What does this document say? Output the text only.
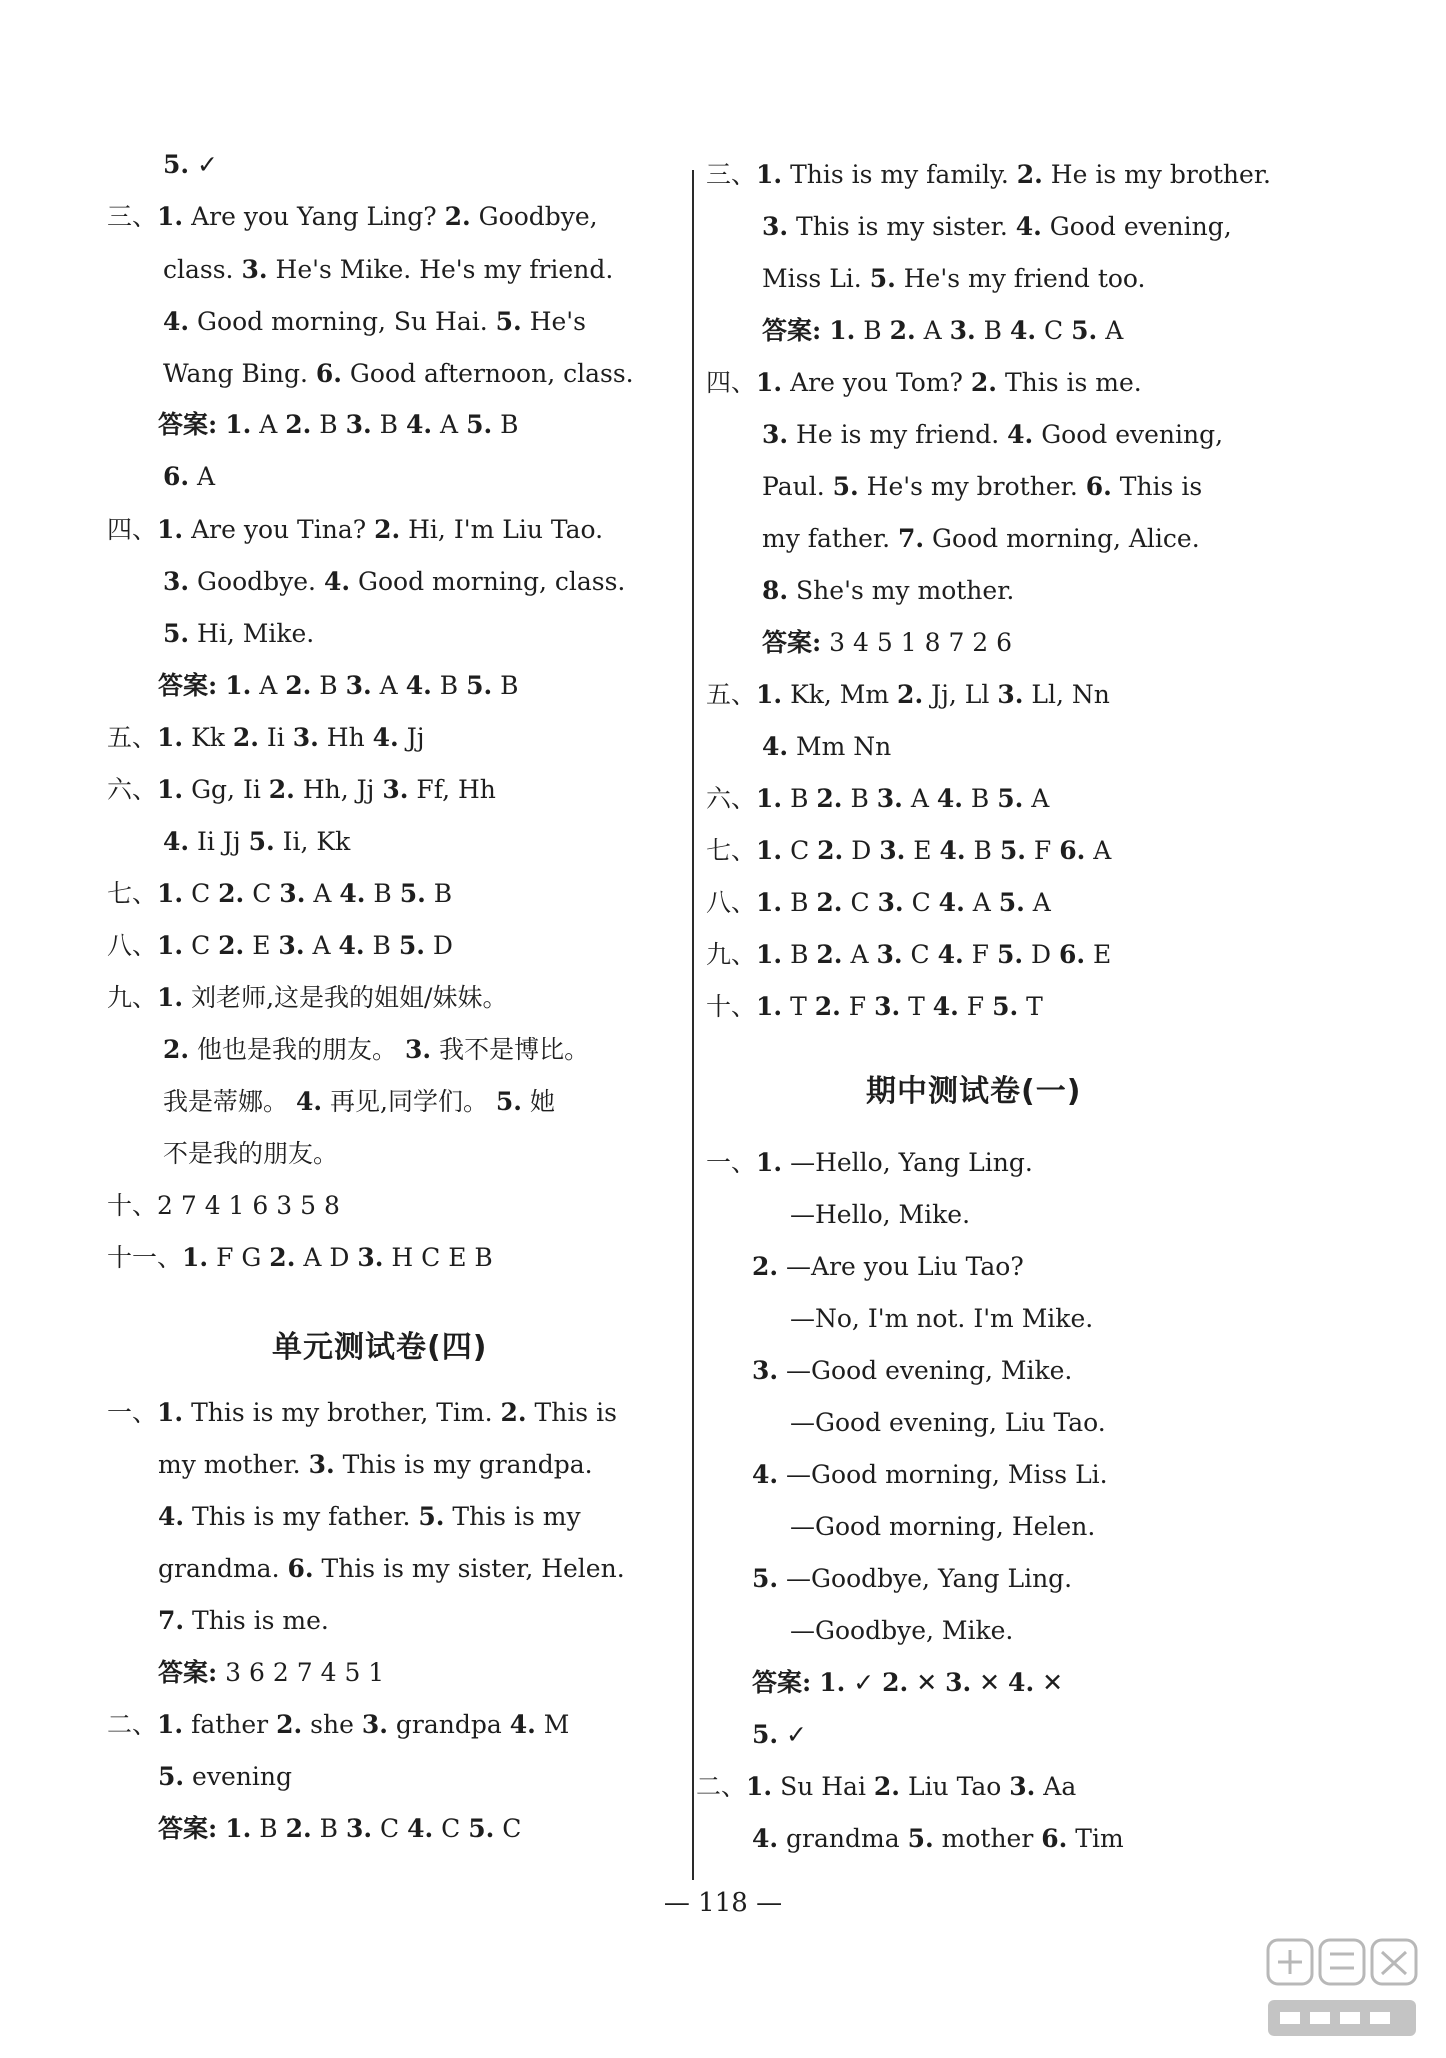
5. ✓
三、1. Are you Yang Ling? 2. Goodbye,
class. 3. He's Mike. He's my friend.
4. Good morning, Su Hai. 5. He's
Wang Bing. 6. Good afternoon, class.
答案: 1. A 2. B 3. B 4. A 5. B
6. A
四、1. Are you Tina? 2. Hi, I'm Liu Tao.
3. Goodbye. 4. Good morning, class.
5. Hi, Mike.
答案: 1. A 2. B 3. A 4. B 5. B
五、1. Kk 2. Ii 3. Hh 4. Jj
六、1. Gg, Ii 2. Hh, Jj 3. Ff, Hh
4. Ii Jj 5. Ii, Kk
七、1. C 2. C 3. A 4. B 5. B
八、1. C 2. E 3. A 4. B 5. D
九、1. 刘老师,这是我的姐姐/妹妹。
2. 他也是我的朋友。 3. 我不是博比。
我是蒂娜。 4. 再见,同学们。 5. 她
不是我的朋友。
十、2 7 4 1 6 3 5 8
十一、1. F G 2. A D 3. H C E B
一、1. This is my brother, Tim. 2. This is
my mother. 3. This is my grandpa.
4. This is my father. 5. This is my
grandma. 6. This is my sister, Helen.
7. This is me.
答案: 3 6 2 7 4 5 1
二、1. father 2. she 3. grandpa 4. M
5. evening
答案: 1. B 2. B 3. C 4. C 5. C
单元测试卷(四)
三、1. This is my family. 2. He is my brother.
3. This is my sister. 4. Good evening,
Miss Li. 5. He's my friend too.
答案: 1. B 2. A 3. B 4. C 5. A
四、1. Are you Tom? 2. This is me.
3. He is my friend. 4. Good evening,
Paul. 5. He's my brother. 6. This is
my father. 7. Good morning, Alice.
8. She's my mother.
答案: 3 4 5 1 8 7 2 6
五、1. Kk, Mm 2. Jj, Ll 3. Ll, Nn
4. Mm Nn
六、1. B 2. B 3. A 4. B 5. A
七、1. C 2. D 3. E 4. B 5. F 6. A
八、1. B 2. C 3. C 4. A 5. A
九、1. B 2. A 3. C 4. F 5. D 6. E
十、1. T 2. F 3. T 4. F 5. T
一、1. —Hello, Yang Ling.
—Hello, Mike.
2. —Are you Liu Tao?
—No, I'm not. I'm Mike.
3. —Good evening, Mike.
—Good evening, Liu Tao.
4. —Good morning, Miss Li.
—Good morning, Helen.
5. —Goodbye, Yang Ling.
—Goodbye, Mike.
答案: 1. ✓ 2. ✕ 3. ✕ 4. ✕
5. ✓
二、1. Su Hai 2. Liu Tao 3. Aa
4. grandma 5. mother 6. Tim
期中测试卷(一)
— 118 —
